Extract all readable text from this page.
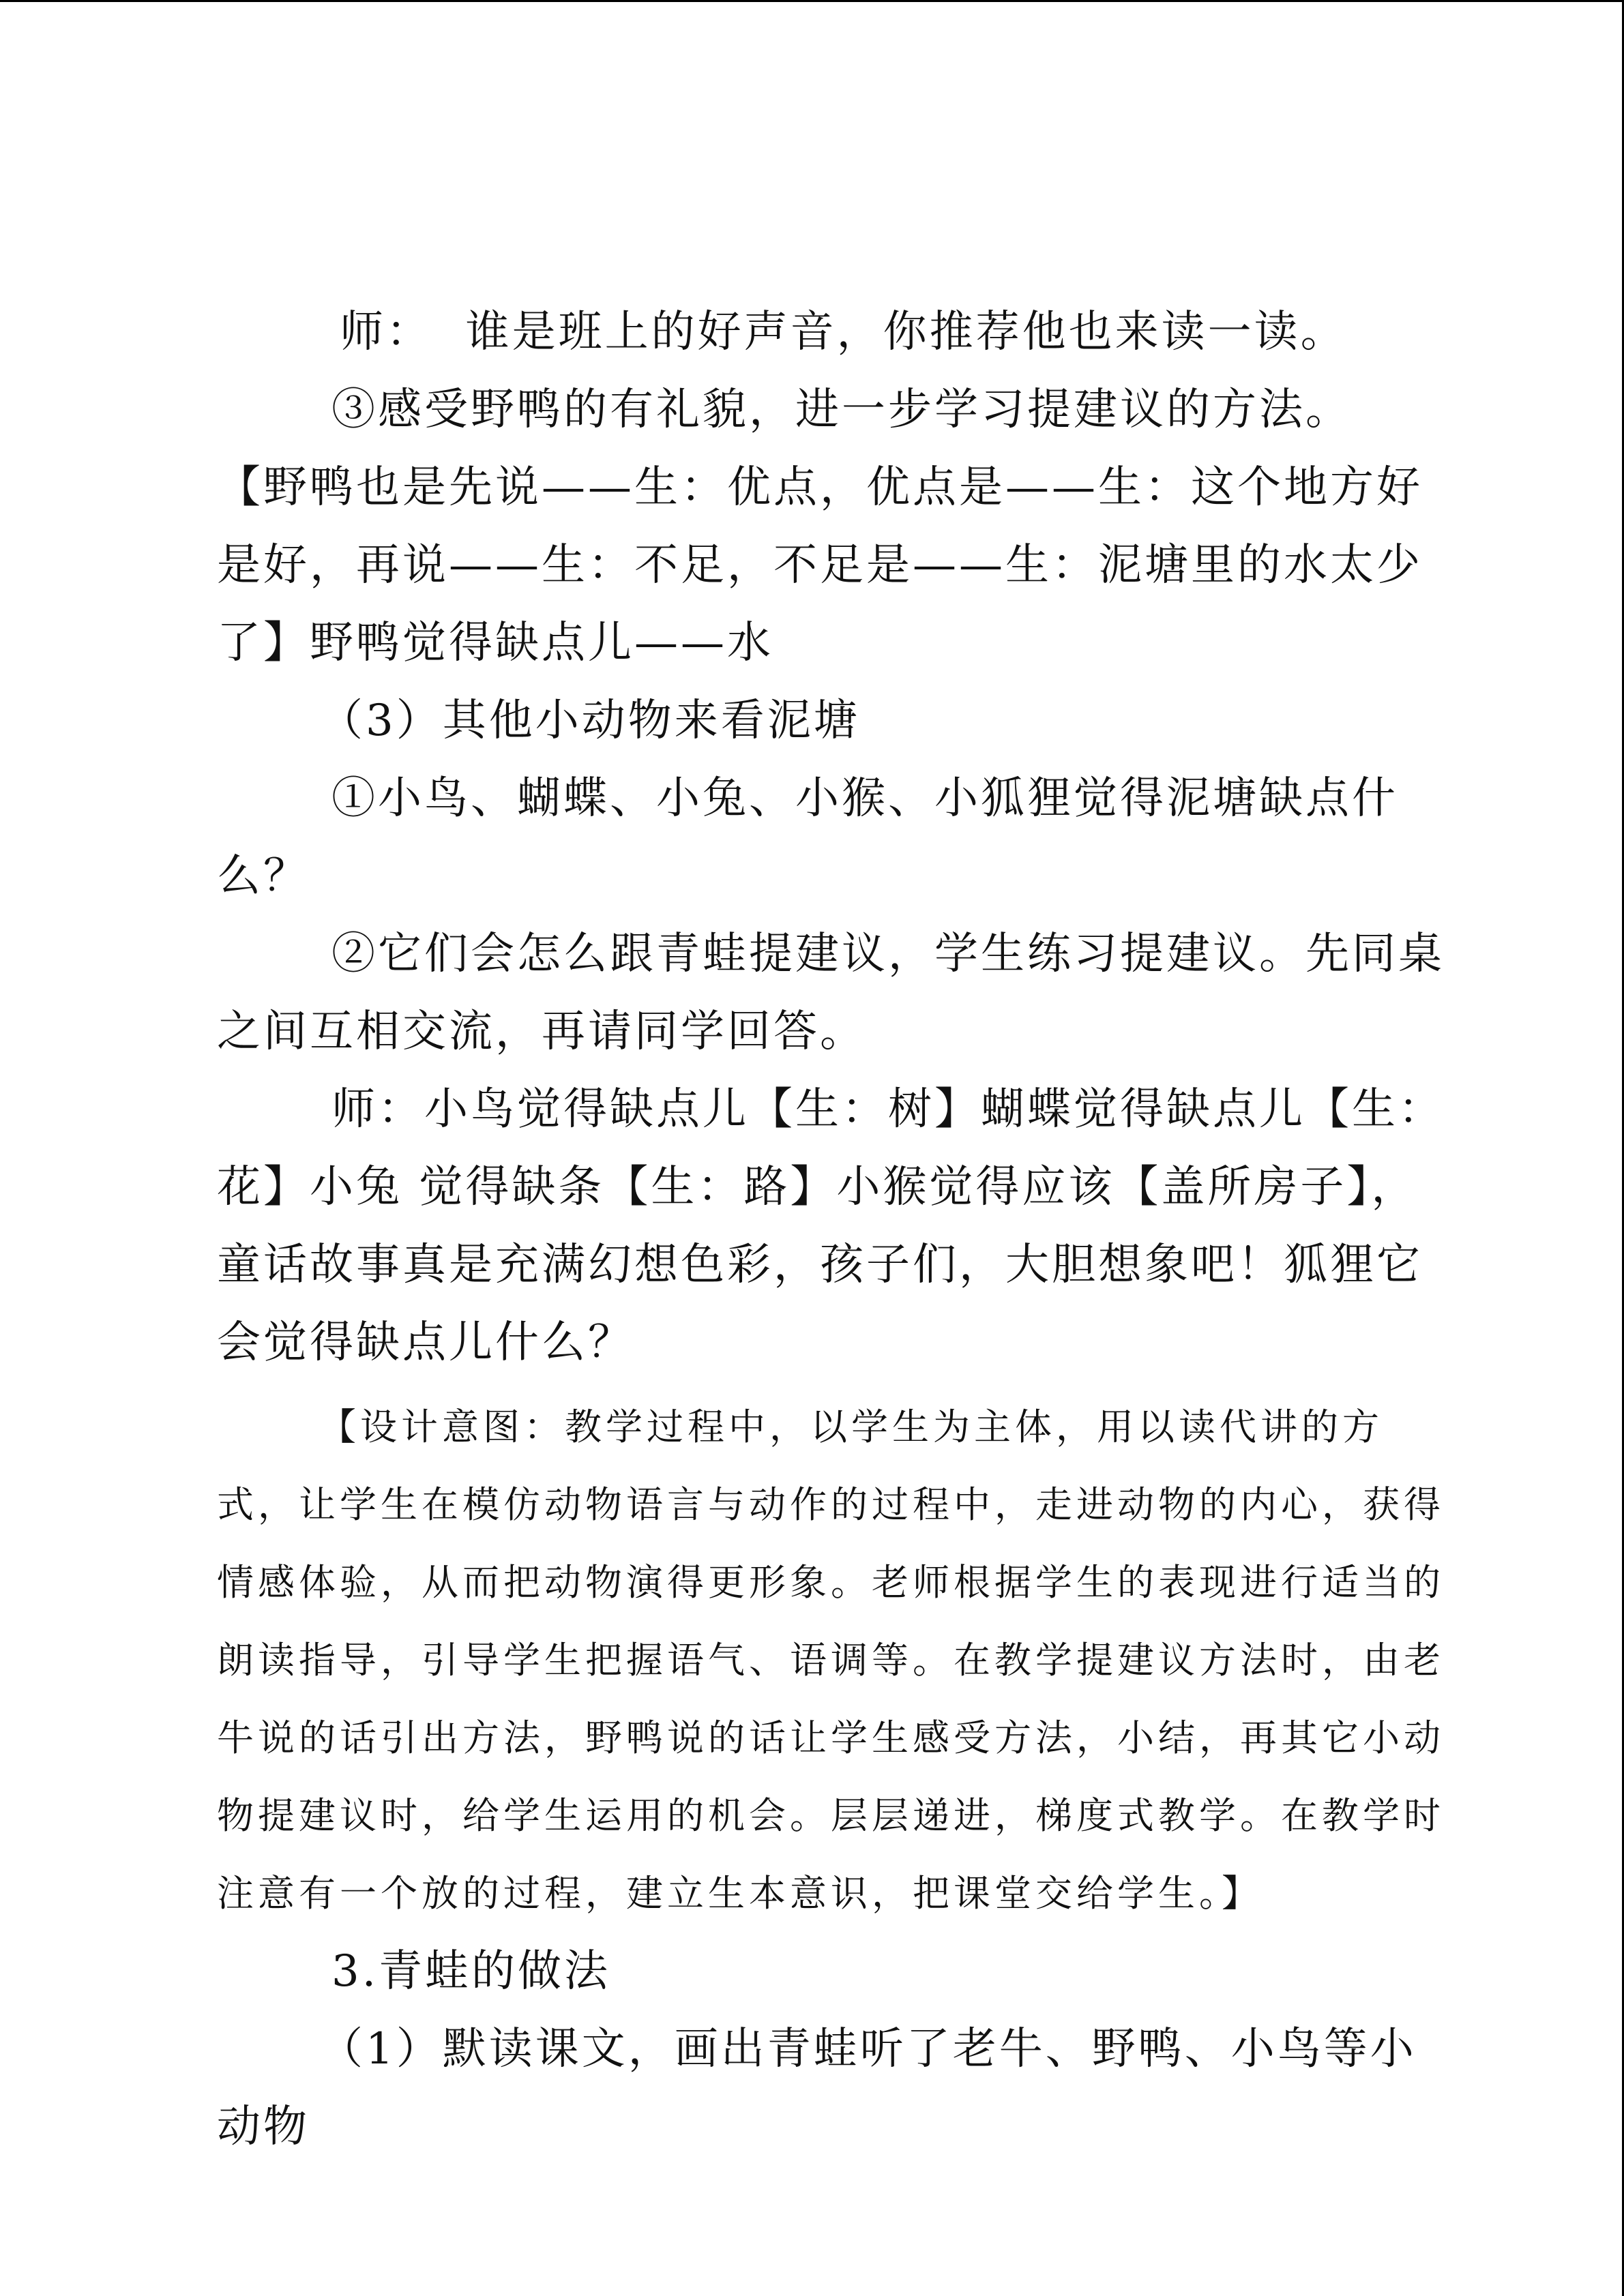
师：  谁是班上的好声音，你推荐他也来读一读。

③感受野鸭的有礼貌，进一步学习提建议的方法。

【野鸭也是先说——生：优点，优点是——生：这个地方好是好，再说——生：不足，不足是——生：泥塘里的水太少了】野鸭觉得缺点儿——水

（3）其他小动物来看泥塘

①小鸟、蝴蝶、小兔、小猴、小狐狸觉得泥塘缺点什么？

②它们会怎么跟青蛙提建议，学生练习提建议。先同桌之间互相交流，再请同学回答。

师：小鸟觉得缺点儿【生：树】蝴蝶觉得缺点儿【生：花】小兔 觉得缺条【生：路】小猴觉得应该【盖所房子】，童话故事真是充满幻想色彩，孩子们，大胆想象吧！狐狸它会觉得缺点儿什么？

【设计意图：教学过程中，以学生为主体，用以读代讲的方式，让学生在模仿动物语言与动作的过程中，走进动物的内心，获得情感体验，从而把动物演得更形象。老师根据学生的表现进行适当的朗读指导，引导学生把握语气、语调等。在教学提建议方法时，由老牛说的话引出方法，野鸭说的话让学生感受方法，小结，再其它小动物提建议时，给学生运用的机会。层层递进，梯度式教学。在教学时注意有一个放的过程，建立生本意识，把课堂交给学生。】

3.青蛙的做法

（1）默读课文，画出青蛙听了老牛、野鸭、小鸟等小动物
